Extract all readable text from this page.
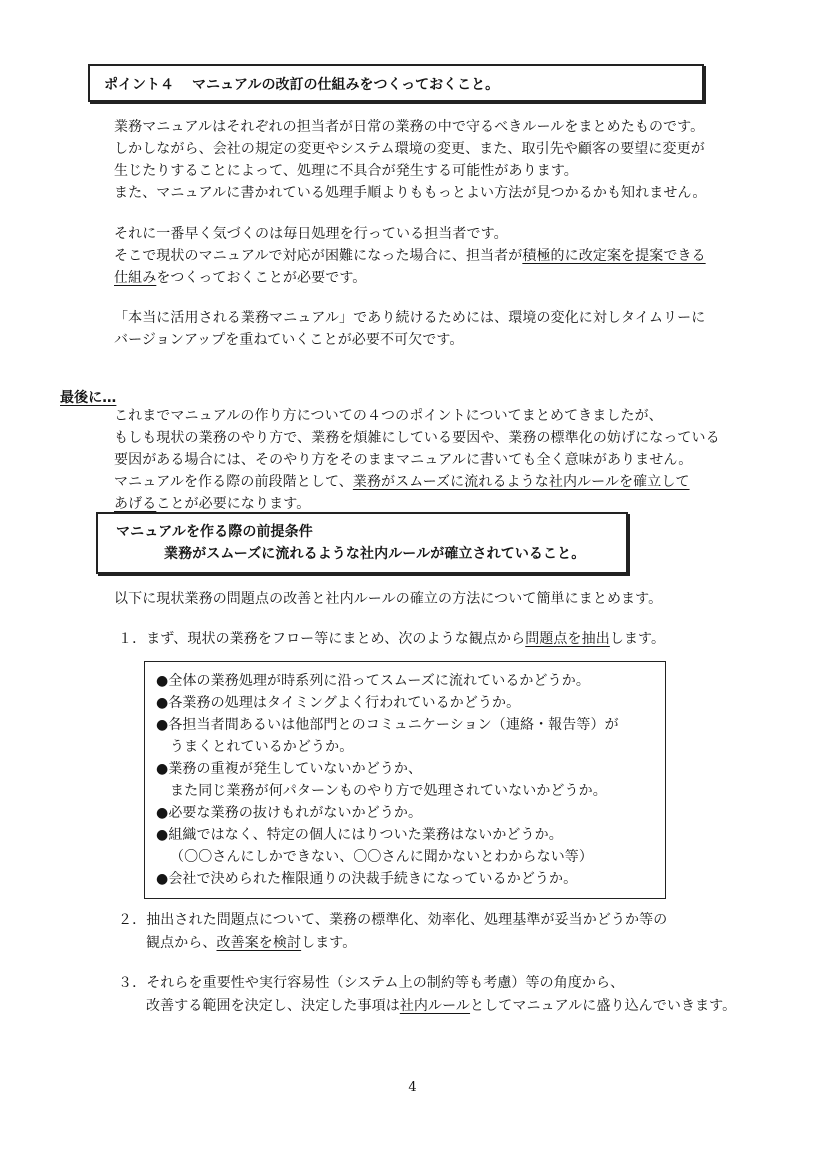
ポイント４ マニュアルの改訂の仕組みをつくっておくこと。
業務マニュアルはそれぞれの担当者が日常の業務の中で守るべきルールをまとめたものです。
しかしながら、会社の規定の変更やシステム環境の変更、また、取引先や顧客の要望に変更が
生じたりすることによって、処理に不具合が発生する可能性があります。
また、マニュアルに書かれている処理手順よりももっとよい方法が見つかるかも知れません。
それに一番早く気づくのは毎日処理を行っている担当者です。
そこで現状のマニュアルで対応が困難になった場合に、担当者が積極的に改定案を提案できる
仕組みをつくっておくことが必要です。
「本当に活用される業務マニュアル」であり続けるためには、環境の変化に対しタイムリーに
バージョンアップを重ねていくことが必要不可欠です。
最後に…
これまでマニュアルの作り方についての４つのポイントについてまとめてきましたが、
もしも現状の業務のやり方で、業務を煩雑にしている要因や、業務の標準化の妨げになっている
要因がある場合には、そのやり方をそのままマニュアルに書いても全く意味がありません。
マニュアルを作る際の前段階として、業務がスムーズに流れるような社内ルールを確立して
あげることが必要になります。
マニュアルを作る際の前提条件
業務がスムーズに流れるような社内ルールが確立されていること。
以下に現状業務の問題点の改善と社内ルールの確立の方法について簡単にまとめます。
１．まず、現状の業務をフロー等にまとめ、次のような観点から問題点を抽出します。
●全体の業務処理が時系列に沿ってスムーズに流れているかどうか。
●各業務の処理はタイミングよく行われているかどうか。
●各担当者間あるいは他部門とのコミュニケーション（連絡・報告等）が
うまくとれているかどうか。
●業務の重複が発生していないかどうか、
また同じ業務が何パターンものやり方で処理されていないかどうか。
●必要な業務の抜けもれがないかどうか。
●組織ではなく、特定の個人にはりついた業務はないかどうか。
（〇〇さんにしかできない、〇〇さんに聞かないとわからない等）
●会社で決められた権限通りの決裁手続きになっているかどうか。
２．抽出された問題点について、業務の標準化、効率化、処理基準が妥当かどうか等の
観点から、改善案を検討します。
３．それらを重要性や実行容易性（システム上の制約等も考慮）等の角度から、
改善する範囲を決定し、決定した事項は社内ルールとしてマニュアルに盛り込んでいきます。
4
